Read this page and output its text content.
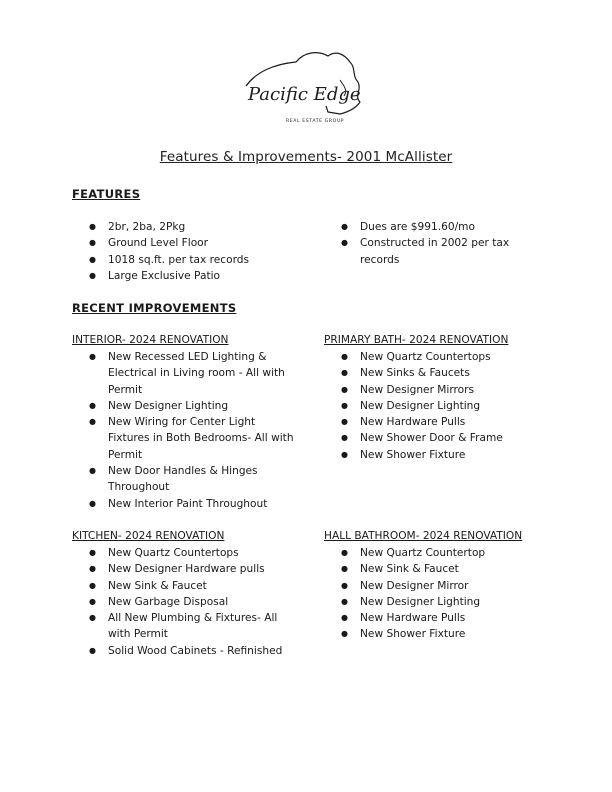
Pacific Edge
REAL ESTATE GROUP
Features & Improvements- 2001 McAllister
FEATURES
● 2br, 2ba, 2Pkg
● Ground Level Floor
● 1018 sq.ft. per tax records
● Large Exclusive Patio
● Dues are $991.60/mo
● Constructed in 2002 per tax records
RECENT IMPROVEMENTS
INTERIOR- 2024 RENOVATION
● New Recessed LED Lighting & Electrical in Living room - All with Permit
● New Designer Lighting
● New Wiring for Center Light Fixtures in Both Bedrooms- All with Permit
● New Door Handles & Hinges Throughout
● New Interior Paint Throughout
PRIMARY BATH- 2024 RENOVATION
● New Quartz Countertops
● New Sinks & Faucets
● New Designer Mirrors
● New Designer Lighting
● New Hardware Pulls
● New Shower Door & Frame
● New Shower Fixture
KITCHEN- 2024 RENOVATION
● New Quartz Countertops
● New Designer Hardware pulls
● New Sink & Faucet
● New Garbage Disposal
● All New Plumbing & Fixtures- All with Permit
● Solid Wood Cabinets - Refinished
HALL BATHROOM- 2024 RENOVATION
● New Quartz Countertop
● New Sink & Faucet
● New Designer Mirror
● New Designer Lighting
● New Hardware Pulls
● New Shower Fixture
